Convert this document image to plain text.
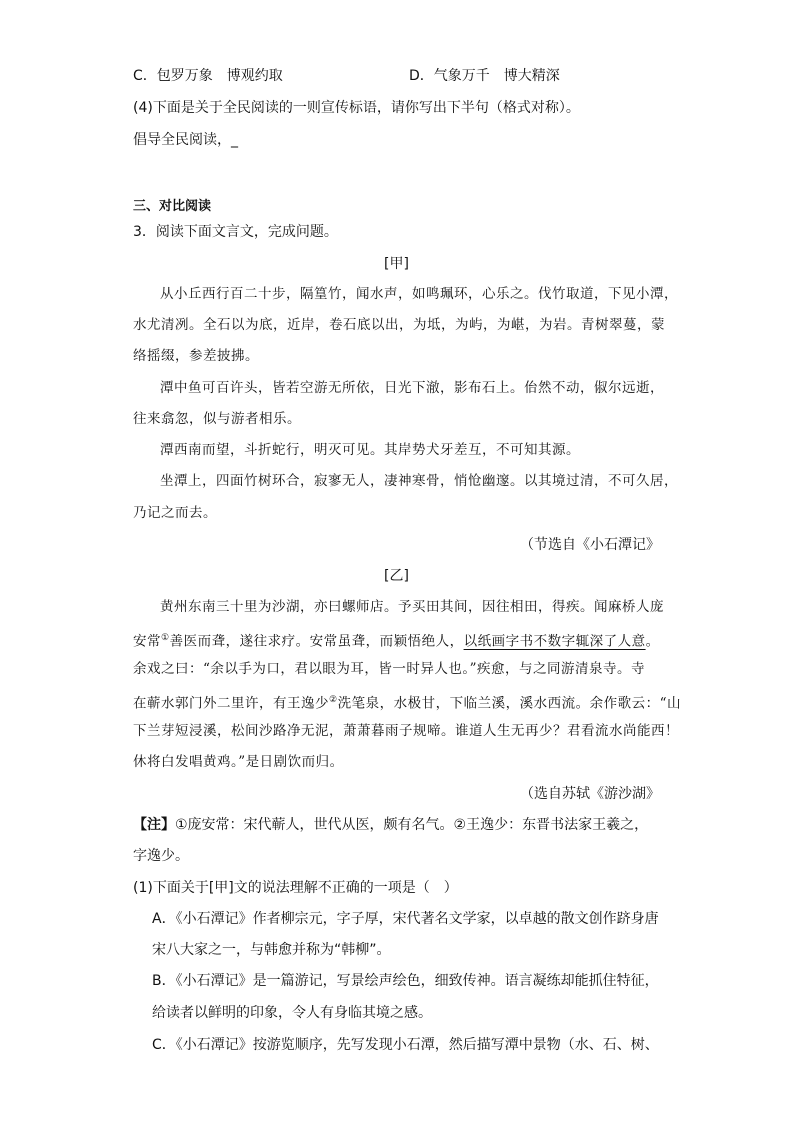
C．包罗万象　博观约取	D．气象万千　博大精深
(4)下面是关于全民阅读的一则宣传标语，请你写出下半句（格式对称）。
倡导全民阅读，_
三、对比阅读
3．阅读下面文言文，完成问题。
[甲]
从小丘西行百二十步，隔篁竹，闻水声，如鸣珮环，心乐之。伐竹取道，下见小潭，
水尤清冽。全石以为底，近岸，卷石底以出，为坻，为屿，为嵁，为岩。青树翠蔓，蒙
络摇缀，参差披拂。
潭中鱼可百许头，皆若空游无所依，日光下澈，影布石上。佁然不动，俶尔远逝，
往来翕忽，似与游者相乐。
潭西南而望，斗折蛇行，明灭可见。其岸势犬牙差互，不可知其源。
坐潭上，四面竹树环合，寂寥无人，凄神寒骨，悄怆幽邃。以其境过清，不可久居，
乃记之而去。
（节选自《小石潭记》
[乙]
黄州东南三十里为沙湖，亦曰螺师店。予买田其间，因往相田，得疾。闻麻桥人庞
安常①善医而聋，遂往求疗。安常虽聋，而颖悟绝人，以纸画字书不数字辄深了人意。
余戏之曰：“余以手为口，君以眼为耳，皆一时异人也。”疾愈，与之同游清泉寺。寺
在蕲水郭门外二里许，有王逸少②洗笔泉，水极甘，下临兰溪，溪水西流。余作歌云：“山
下兰芽短浸溪，松间沙路净无泥，萧萧暮雨子规啼。谁道人生无再少？君看流水尚能西！
休将白发唱黄鸡。”是日剧饮而归。
（选自苏轼《游沙湖》
【注】①庞安常：宋代蕲人，世代从医，颇有名气。②王逸少：东晋书法家王羲之，
字逸少。
(1)下面关于[甲]文的说法理解不正确的一项是（　）
A．《小石潭记》作者柳宗元，字子厚，宋代著名文学家，以卓越的散文创作跻身唐
宋八大家之一，与韩愈并称为“韩柳”。
B．《小石潭记》是一篇游记，写景绘声绘色，细致传神。语言凝练却能抓住特征，
给读者以鲜明的印象，令人有身临其境之感。
C．《小石潭记》按游览顺序，先写发现小石潭，然后描写潭中景物（水、石、树、
